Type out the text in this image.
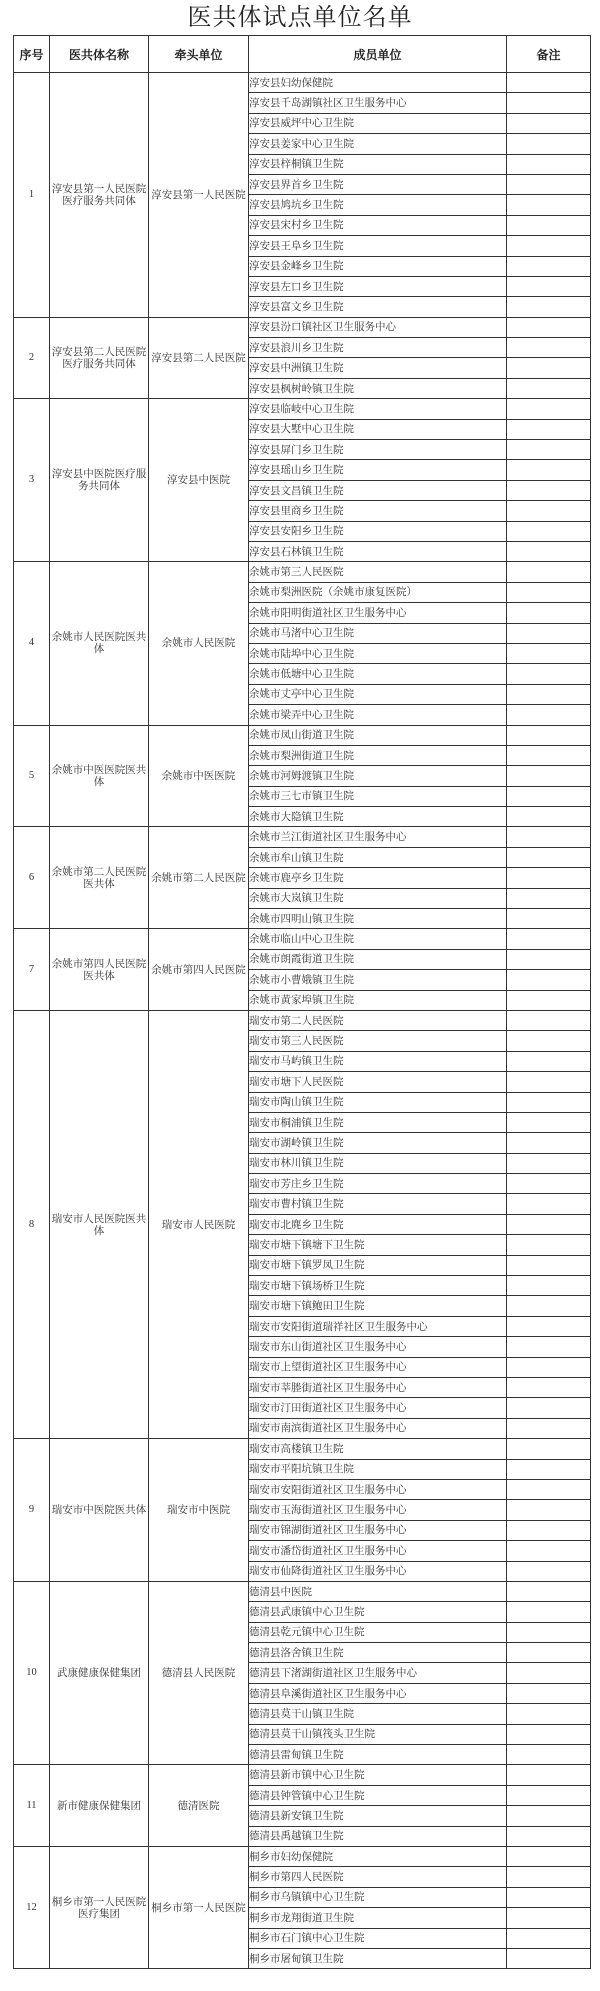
医共体试点单位名单
序号	医共体名称	牵头单位	成员单位	备注
1	淳安县第一人民医院医疗服务共同体	淳安县第一人民医院	淳安县妇幼保健院	
			淳安县千岛湖镇社区卫生服务中心	
			淳安县威坪中心卫生院	
			淳安县姜家中心卫生院	
			淳安县梓桐镇卫生院	
			淳安县界首乡卫生院	
			淳安县鸠坑乡卫生院	
			淳安县宋村乡卫生院	
			淳安县王阜乡卫生院	
			淳安县金峰乡卫生院	
			淳安县左口乡卫生院	
			淳安县富文乡卫生院	
2	淳安县第二人民医院医疗服务共同体	淳安县第二人民医院	淳安县汾口镇社区卫生服务中心	
			淳安县浪川乡卫生院	
			淳安县中洲镇卫生院	
			淳安县枫树岭镇卫生院	
3	淳安县中医院医疗服务共同体	淳安县中医院	淳安县临岐中心卫生院	
			淳安县大墅中心卫生院	
			淳安县屏门乡卫生院	
			淳安县瑶山乡卫生院	
			淳安县文昌镇卫生院	
			淳安县里商乡卫生院	
			淳安县安阳乡卫生院	
			淳安县石林镇卫生院	
4	余姚市人民医院医共体	余姚市人民医院	余姚市第三人民医院	
			余姚市梨洲医院（余姚市康复医院）	
			余姚市阳明街道社区卫生服务中心	
			余姚市马渚中心卫生院	
			余姚市陆埠中心卫生院	
			余姚市低塘中心卫生院	
			余姚市丈亭中心卫生院	
			余姚市梁弄中心卫生院	
5	余姚市中医医院医共体	余姚市中医医院	余姚市凤山街道卫生院	
			余姚市梨洲街道卫生院	
			余姚市河姆渡镇卫生院	
			余姚市三七市镇卫生院	
			余姚市大隐镇卫生院	
6	余姚市第二人民医院医共体	余姚市第二人民医院	余姚市兰江街道社区卫生服务中心	
			余姚市牟山镇卫生院	
			余姚市鹿亭乡卫生院	
			余姚市大岚镇卫生院	
			余姚市四明山镇卫生院	
7	余姚市第四人民医院医共体	余姚市第四人民医院	余姚市临山中心卫生院	
			余姚市朗霞街道卫生院	
			余姚市小曹娥镇卫生院	
			余姚市黄家埠镇卫生院	
8	瑞安市人民医院医共体	瑞安市人民医院	瑞安市第二人民医院	
			瑞安市第三人民医院	
			瑞安市马屿镇卫生院	
			瑞安市塘下人民医院	
			瑞安市陶山镇卫生院	
			瑞安市桐浦镇卫生院	
			瑞安市湖岭镇卫生院	
			瑞安市林川镇卫生院	
			瑞安市芳庄乡卫生院	
			瑞安市曹村镇卫生院	
			瑞安市北麂乡卫生院	
			瑞安市塘下镇塘下卫生院	
			瑞安市塘下镇罗凤卫生院	
			瑞安市塘下镇场桥卫生院	
			瑞安市塘下镇鲍田卫生院	
			瑞安市安阳街道瑞祥社区卫生服务中心	
			瑞安市东山街道社区卫生服务中心	
			瑞安市上望街道社区卫生服务中心	
			瑞安市莘塍街道社区卫生服务中心	
			瑞安市汀田街道社区卫生服务中心	
			瑞安市南滨街道社区卫生服务中心	
9	瑞安市中医院医共体	瑞安市中医院	瑞安市高楼镇卫生院	
			瑞安市平阳坑镇卫生院	
			瑞安市安阳街道社区卫生服务中心	
			瑞安市玉海街道社区卫生服务中心	
			瑞安市锦湖街道社区卫生服务中心	
			瑞安市潘岱街道社区卫生服务中心	
			瑞安市仙降街道社区卫生服务中心	
10	武康健康保健集团	德清县人民医院	德清县中医院	
			德清县武康镇中心卫生院	
			德清县乾元镇中心卫生院	
			德清县洛舍镇卫生院	
			德清县下渚湖街道社区卫生服务中心	
			德清县阜溪街道社区卫生服务中心	
			德清县莫干山镇卫生院	
			德清县莫干山镇筏头卫生院	
			德清县雷甸镇卫生院	
11	新市健康保健集团	德清医院	德清县新市镇中心卫生院	
			德清县钟管镇中心卫生院	
			德清县新安镇卫生院	
			德清县禹越镇卫生院	
12	桐乡市第一人民医院医疗集团	桐乡市第一人民医院	桐乡市妇幼保健院	
			桐乡市第四人民医院	
			桐乡市乌镇镇中心卫生院	
			桐乡市龙翔街道卫生院	
			桐乡市石门镇中心卫生院	
			桐乡市屠甸镇卫生院	
